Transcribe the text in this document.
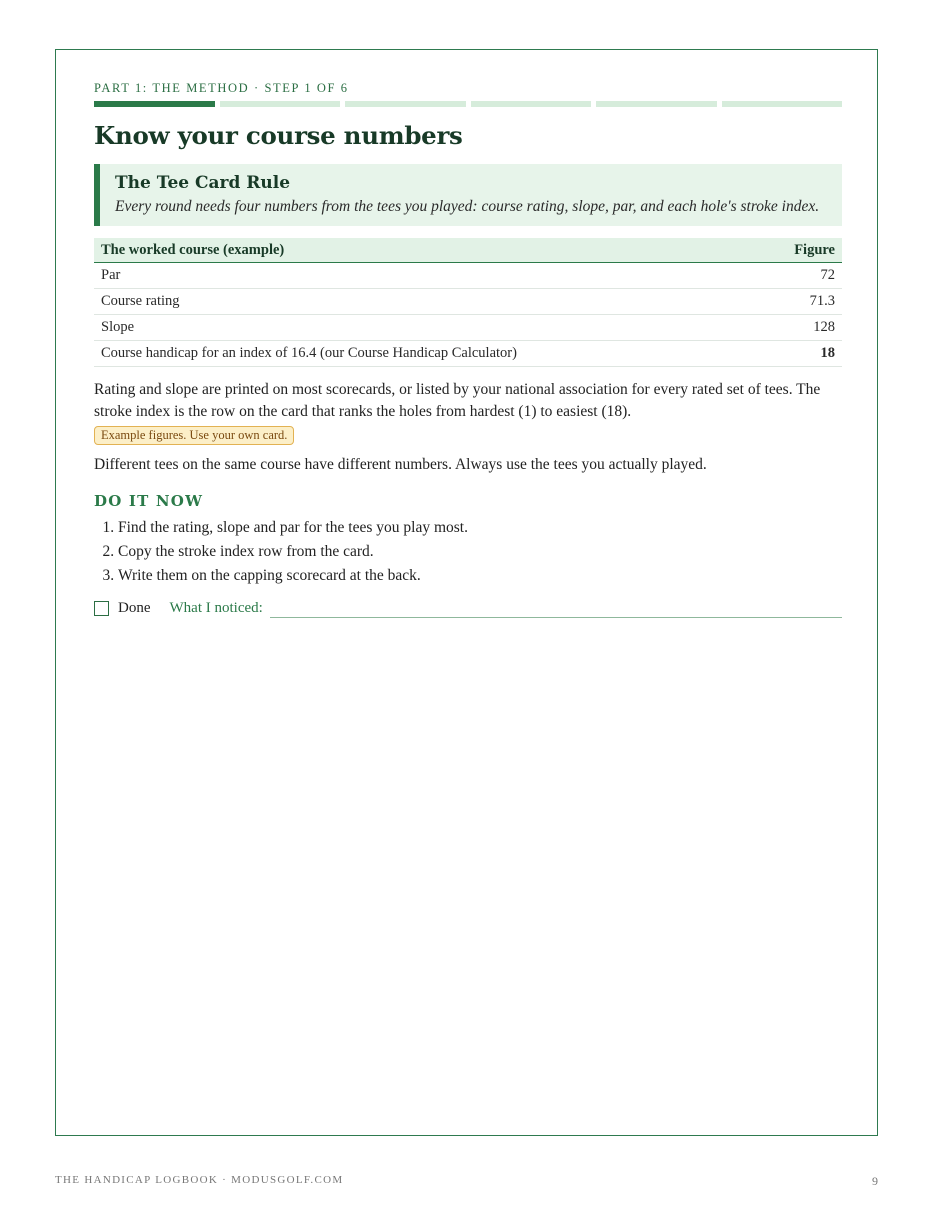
PART 1: THE METHOD · STEP 1 OF 6

Know your course numbers
The Tee Card Rule
Every round needs four numbers from the tees you played: course rating, slope, par, and each hole's stroke index.
The worked course (example)	Figure
Par	72
Course rating	71.3
Slope	128
Course handicap for an index of 16.4 (our Course Handicap Calculator)	18

Rating and slope are printed on most scorecards, or listed by your national association for every rated set of tees. The stroke index is the row on the card that ranks the holes from hardest (1) to easiest (18).

Example figures. Use your own card.

Different tees on the same course have different numbers. Always use the tees you actually played.

DO IT NOW
1. Find the rating, slope and par for the tees you play most.
2. Copy the stroke index row from the card.
3. Write them on the capping scorecard at the back.
Done What I noticed:
THE HANDICAP LOGBOOK · MODUSGOLF.COM	9
